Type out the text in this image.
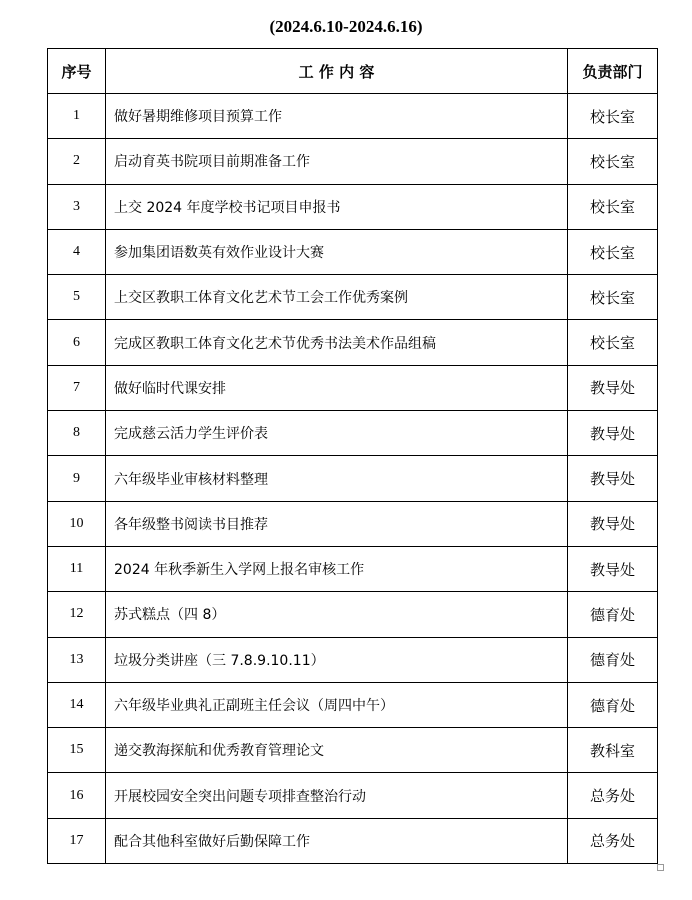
(2024.6.10-2024.6.16)
序号	工 作 内 容	负责部门
1	做好暑期维修项目预算工作	校长室
2	启动育英书院项目前期准备工作	校长室
3	上交 2024 年度学校书记项目申报书	校长室
4	参加集团语数英有效作业设计大赛	校长室
5	上交区教职工体育文化艺术节工会工作优秀案例	校长室
6	完成区教职工体育文化艺术节优秀书法美术作品组稿	校长室
7	做好临时代课安排	教导处
8	完成慈云活力学生评价表	教导处
9	六年级毕业审核材料整理	教导处
10	各年级整书阅读书目推荐	教导处
11	2024 年秋季新生入学网上报名审核工作	教导处
12	苏式糕点（四 8）	德育处
13	垃圾分类讲座（三 7.8.9.10.11）	德育处
14	六年级毕业典礼正副班主任会议（周四中午）	德育处
15	递交教海探航和优秀教育管理论文	教科室
16	开展校园安全突出问题专项排查整治行动	总务处
17	配合其他科室做好后勤保障工作	总务处
